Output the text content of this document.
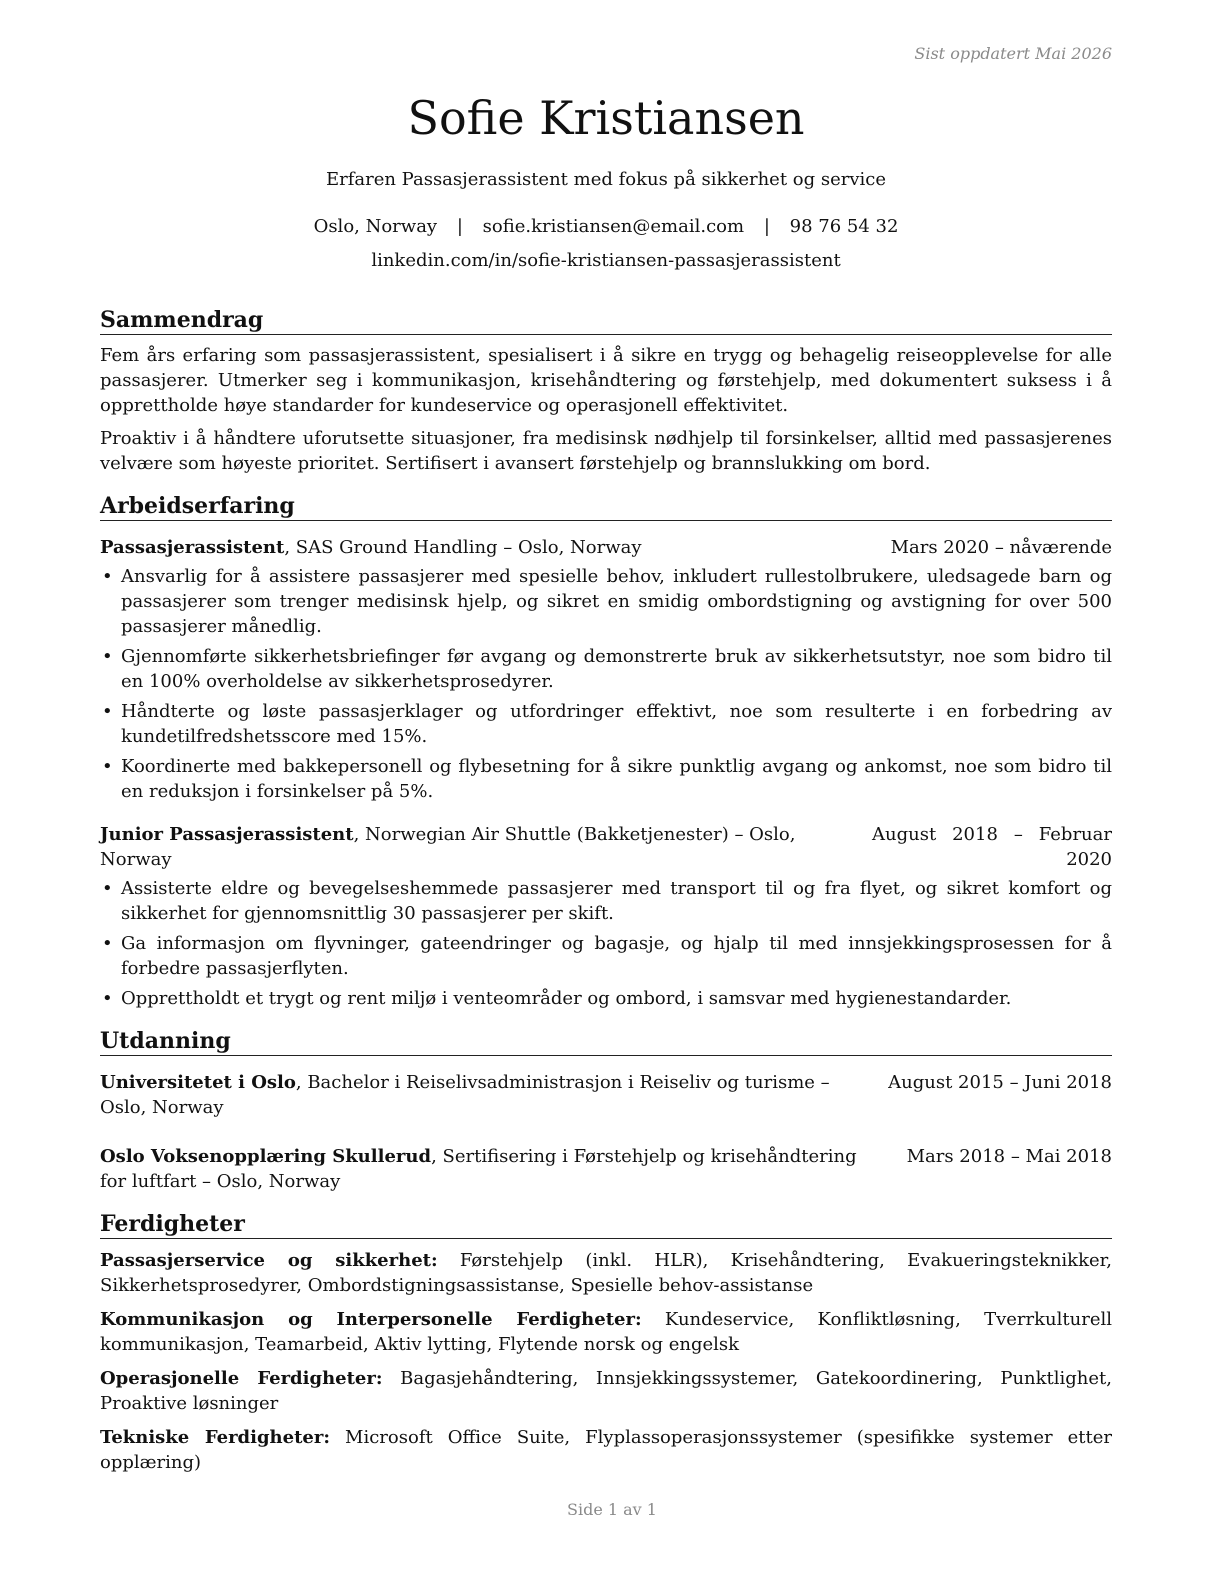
Sist oppdatert Mai 2026
Sofie Kristiansen
Erfaren Passasjerassistent med fokus på sikkerhet og service
Oslo, Norway | sofie.kristiansen@email.com | 98 76 54 32
linkedin.com/in/sofie-kristiansen-passasjerassistent
Sammendrag

Fem års erfaring som passasjerassistent, spesialisert i å sikre en trygg og behagelig reiseopplevelse for alle passasjerer. Utmerker seg i kommunikasjon, krisehåndtering og førstehjelp, med dokumentert suksess i å opprettholde høye standarder for kundeservice og operasjonell effektivitet.

Proaktiv i å håndtere uforutsette situasjoner, fra medisinsk nødhjelp til forsinkelser, alltid med passasjerenes velvære som høyeste prioritet. Sertifisert i avansert førstehjelp og brannslukking om bord.

Arbeidserfaring
Passasjerassistent, SAS Ground Handling – Oslo, Norway	Mars 2020 – nåværende
• Ansvarlig for å assistere passasjerer med spesielle behov, inkludert rullestolbrukere, uledsagede barn og passasjerer som trenger medisinsk hjelp, og sikret en smidig ombordstigning og avstigning for over 500 passasjerer månedlig.
• Gjennomførte sikkerhetsbriefinger før avgang og demonstrerte bruk av sikkerhetsutstyr, noe som bidro til en 100% overholdelse av sikkerhetsprosedyrer.
• Håndterte og løste passasjerklager og utfordringer effektivt, noe som resulterte i en forbedring av kundetilfredshetsscore med 15%.
• Koordinerte med bakkepersonell og flybesetning for å sikre punktlig avgang og ankomst, noe som bidro til en reduksjon i forsinkelser på 5%.
Junior Passasjerassistent, Norwegian Air Shuttle (Bakketjenester) – Oslo, Norway
August 2018 – Februar 2020
• Assisterte eldre og bevegelseshemmede passasjerer med transport til og fra flyet, og sikret komfort og sikkerhet for gjennomsnittlig 30 passasjerer per skift.
• Ga informasjon om flyvninger, gateendringer og bagasje, og hjalp til med innsjekkingsprosessen for å forbedre passasjerflyten.
• Opprettholdt et trygt og rent miljø i venteområder og ombord, i samsvar med hygienestandarder.
Utdanning
Universitetet i Oslo, Bachelor i Reiselivsadministrasjon i Reiseliv og turisme – Oslo, Norway
August 2015 – Juni 2018
Oslo Voksenopplæring Skullerud, Sertifisering i Førstehjelp og krisehåndtering for luftfart – Oslo, Norway
Mars 2018 – Mai 2018
Ferdigheter
Passasjerservice og sikkerhet: Førstehjelp (inkl. HLR), Krisehåndtering, Evakueringsteknikker, Sikkerhetsprosedyrer, Ombordstigningsassistanse, Spesielle behov-assistanse
Kommunikasjon og Interpersonelle Ferdigheter: Kundeservice, Konfliktløsning, Tverrkulturell kommunikasjon, Teamarbeid, Aktiv lytting, Flytende norsk og engelsk
Operasjonelle Ferdigheter: Bagasjehåndtering, Innsjekkingssystemer, Gatekoordinering, Punktlighet, Proaktive løsninger
Tekniske Ferdigheter: Microsoft Office Suite, Flyplassoperasjonssystemer (spesifikke systemer etter opplæring)
Side 1 av 1
